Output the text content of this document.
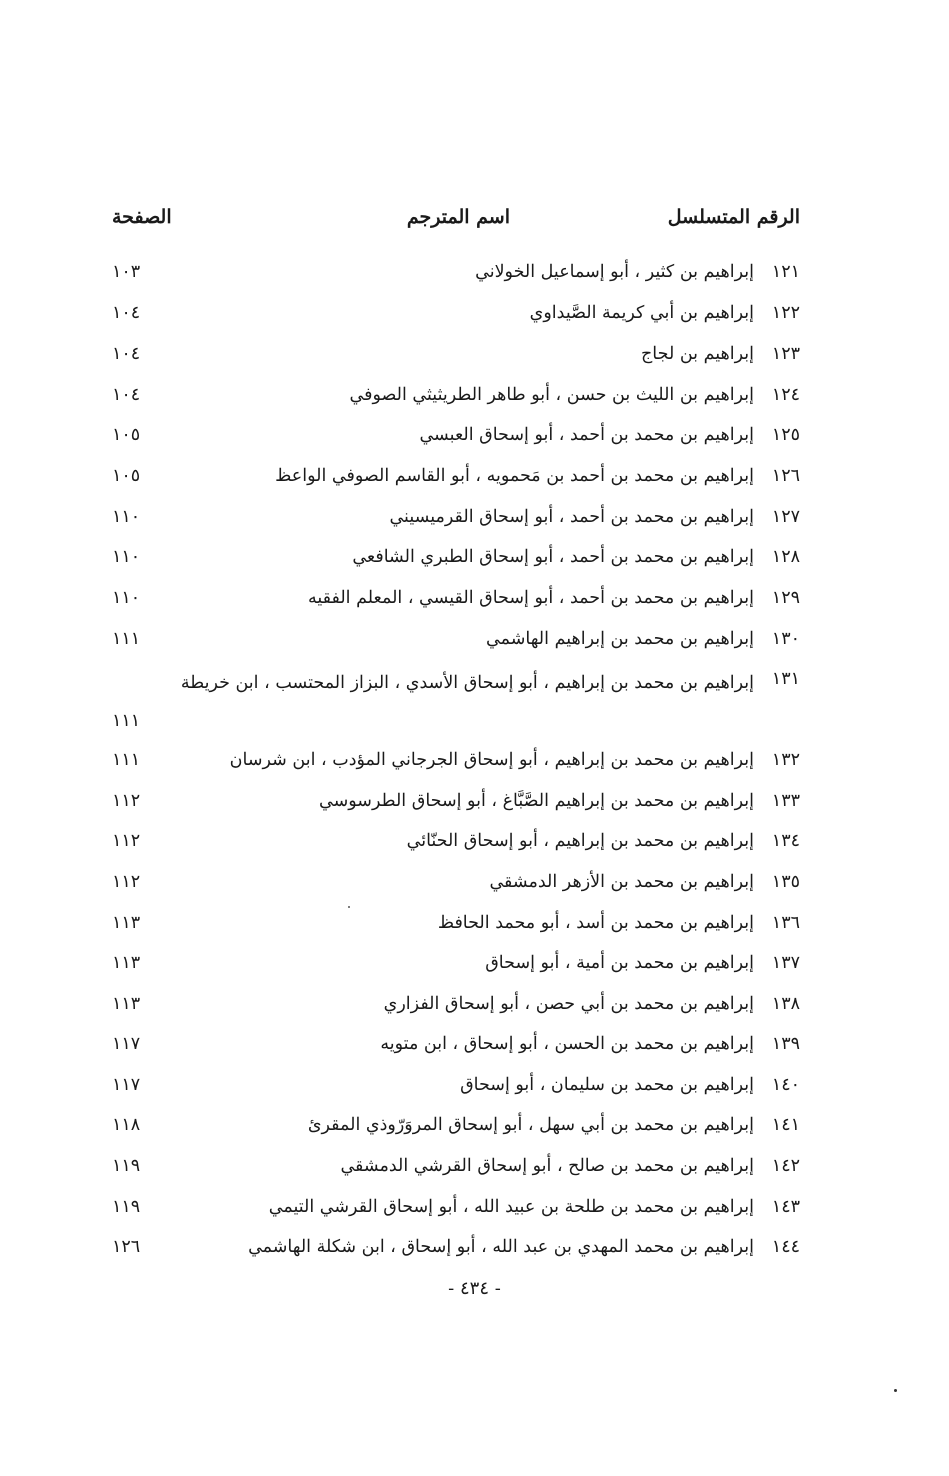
الرقم المتسلسل
اسم المترجم
الصفحة
١٢١
إبراهيم بن كثير ، أبو إسماعيل الخولاني
١٠٣
١٢٢
إبراهيم بن أبي كريمة الصَّيداوي
١٠٤
١٢٣
إبراهيم بن لجاج
١٠٤
١٢٤
إبراهيم بن الليث بن حسن ، أبو طاهر الطريثيثي الصوفي
١٠٤
١٢٥
إبراهيم بن محمد بن أحمد ، أبو إسحاق العبسي
١٠٥
١٢٦
إبراهيم بن محمد بن أحمد بن مَحمويه ، أبو القاسم الصوفي الواعظ
١٠٥
١٢٧
إبراهيم بن محمد بن أحمد ، أبو إسحاق القرميسيني
١١٠
١٢٨
إبراهيم بن محمد بن أحمد ، أبو إسحاق الطبري الشافعي
١١٠
١٢٩
إبراهيم بن محمد بن أحمد ، أبو إسحاق القيسي ، المعلم الفقيه
١١٠
١٣٠
إبراهيم بن محمد بن إبراهيم الهاشمي
١١١
١٣١
إبراهيم بن محمد بن إبراهيم ، أبو إسحاق الأسدي ، البزاز المحتسب ، ابن خريطة
١١١
١٣٢
إبراهيم بن محمد بن إبراهيم ، أبو إسحاق الجرجاني المؤدب ، ابن شرسان
١١١
١٣٣
إبراهيم بن محمد بن إبراهيم الصَّبَّاغ ، أبو إسحاق الطرسوسي
١١٢
١٣٤
إبراهيم بن محمد بن إبراهيم ، أبو إسحاق الحنّائي
١١٢
١٣٥
إبراهيم بن محمد بن الأزهر الدمشقي
١١٢
١٣٦
إبراهيم بن محمد بن أسد ، أبو محمد الحافظ
١١٣
١٣٧
إبراهيم بن محمد بن أمية ، أبو إسحاق
١١٣
١٣٨
إبراهيم بن محمد بن أبي حصن ، أبو إسحاق الفزاري
١١٣
١٣٩
إبراهيم بن محمد بن الحسن ، أبو إسحاق ، ابن متويه
١١٧
١٤٠
إبراهيم بن محمد بن سليمان ، أبو إسحاق
١١٧
١٤١
إبراهيم بن محمد بن أبي سهل ، أبو إسحاق المروَرّوذي المقرئ
١١٨
١٤٢
إبراهيم بن محمد بن صالح ، أبو إسحاق القرشي الدمشقي
١١٩
١٤٣
إبراهيم بن محمد بن طلحة بن عبيد الله ، أبو إسحاق القرشي التيمي
١١٩
١٤٤
إبراهيم بن محمد المهدي بن عبد الله ، أبو إسحاق ، ابن شكلة الهاشمي
١٢٦
- ٤٣٤ -
